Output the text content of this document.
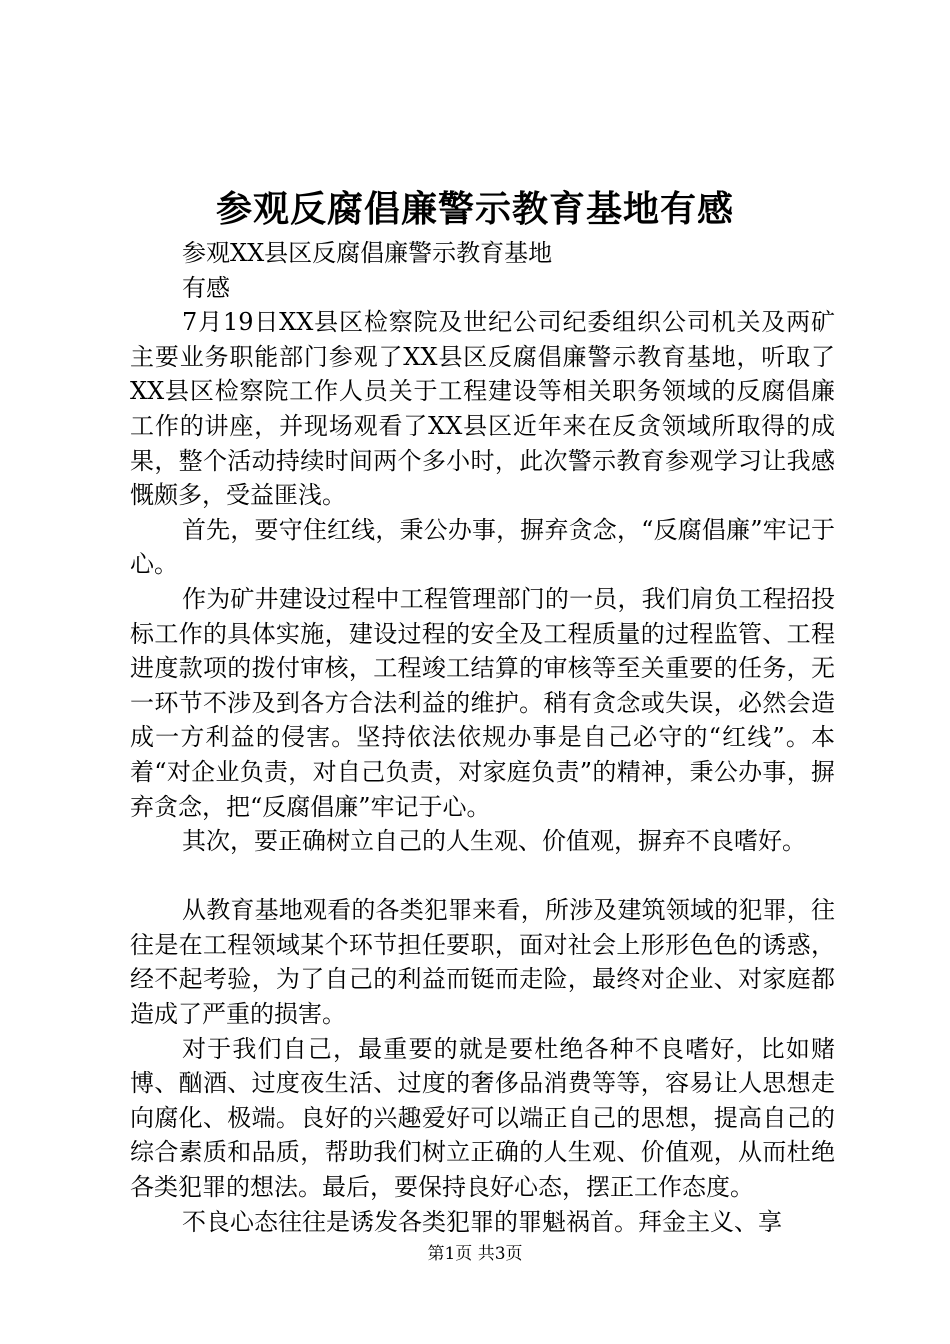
参观反腐倡廉警示教育基地有感

参观XX县区反腐倡廉警示教育基地

有感

7月19日XX县区检察院及世纪公司纪委组织公司机关及两矿主要业务职能部门参观了XX县区反腐倡廉警示教育基地，听取了XX县区检察院工作人员关于工程建设等相关职务领域的反腐倡廉工作的讲座，并现场观看了XX县区近年来在反贪领域所取得的成果，整个活动持续时间两个多小时，此次警示教育参观学习让我感慨颇多，受益匪浅。

首先，要守住红线，秉公办事，摒弃贪念，“反腐倡廉”牢记于心。

作为矿井建设过程中工程管理部门的一员，我们肩负工程招投标工作的具体实施，建设过程的安全及工程质量的过程监管、工程进度款项的拨付审核，工程竣工结算的审核等至关重要的任务，无一环节不涉及到各方合法利益的维护。稍有贪念或失误，必然会造成一方利益的侵害。坚持依法依规办事是自己必守的“红线”。本着“对企业负责，对自己负责，对家庭负责”的精神，秉公办事，摒弃贪念，把“反腐倡廉”牢记于心。

其次，要正确树立自己的人生观、价值观，摒弃不良嗜好。

从教育基地观看的各类犯罪来看，所涉及建筑领域的犯罪，往往是在工程领域某个环节担任要职，面对社会上形形色色的诱惑，经不起考验，为了自己的利益而铤而走险，最终对企业、对家庭都造成了严重的损害。

对于我们自己，最重要的就是要杜绝各种不良嗜好，比如赌博、酗酒、过度夜生活、过度的奢侈品消费等等，容易让人思想走向腐化、极端。良好的兴趣爱好可以端正自己的思想，提高自己的综合素质和品质，帮助我们树立正确的人生观、价值观，从而杜绝各类犯罪的想法。最后，要保持良好心态，摆正工作态度。

不良心态往往是诱发各类犯罪的罪魁祸首。拜金主义、享

第1页 共3页
